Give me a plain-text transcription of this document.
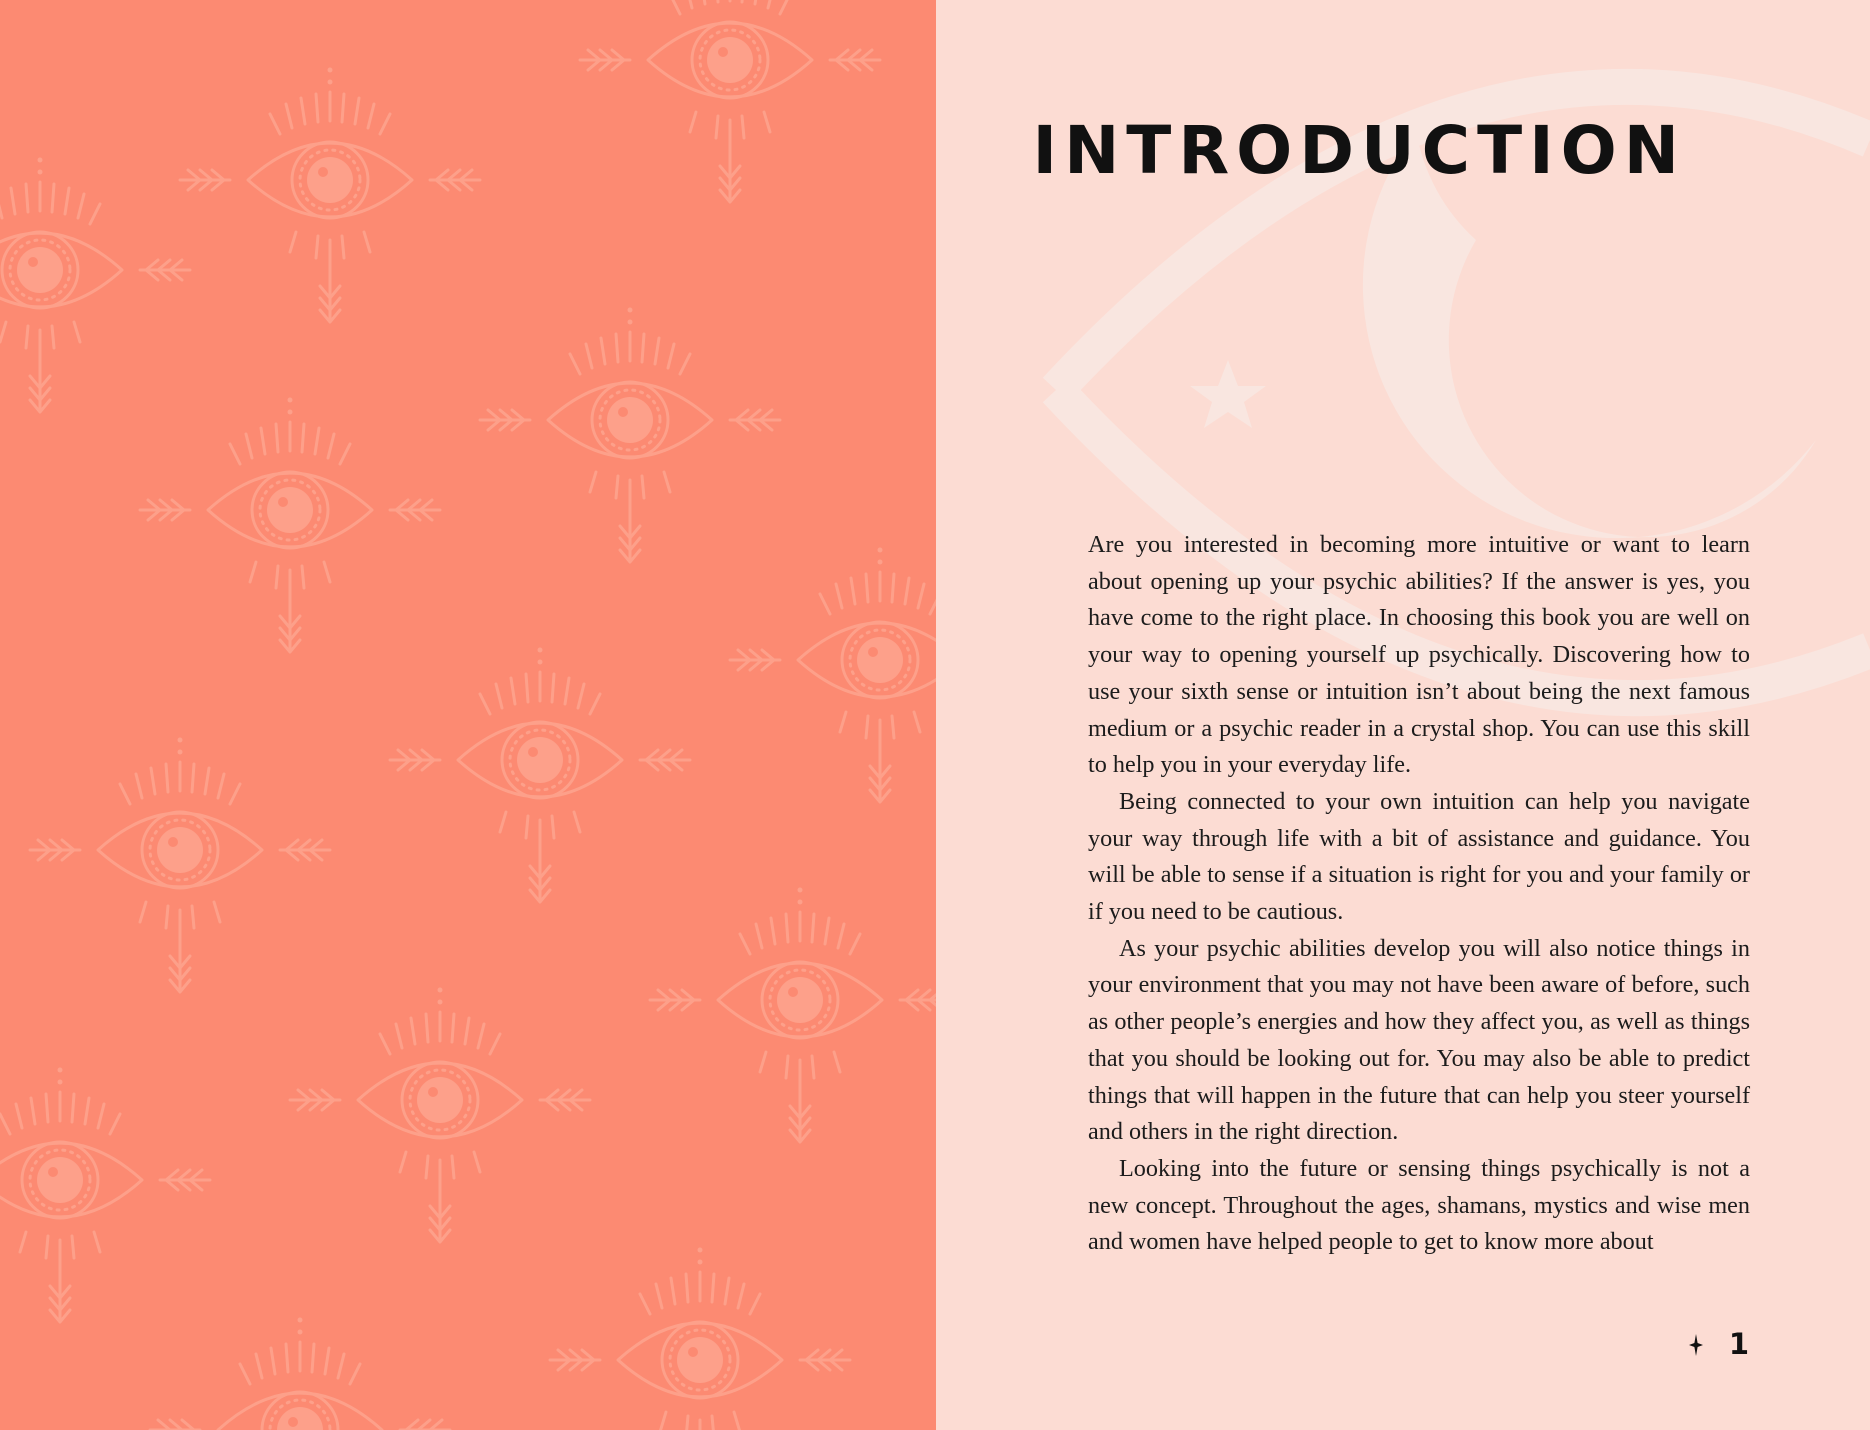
INTRODUCTION

Are you interested in becoming more intuitive or want to learn about opening up your psychic abilities? If the answer is yes, you have come to the right place. In choosing this book you are well on your way to opening yourself up psychically. Discovering how to use your sixth sense or intuition isn’t about being the next famous medium or a psychic reader in a crystal shop. You can use this skill to help you in your everyday life.

Being connected to your own intuition can help you navigate your way through life with a bit of assistance and guidance. You will be able to sense if a situation is right for you and your family or if you need to be cautious.

As your psychic abilities develop you will also notice things in your environment that you may not have been aware of before, such as other people’s energies and how they affect you, as well as things that you should be looking out for. You may also be able to predict things that will happen in the future that can help you steer yourself and others in the right direction.

Looking into the future or sensing things psychically is not a new concept. Throughout the ages, shamans, mystics and wise men and women have helped people to get to know more about

1
